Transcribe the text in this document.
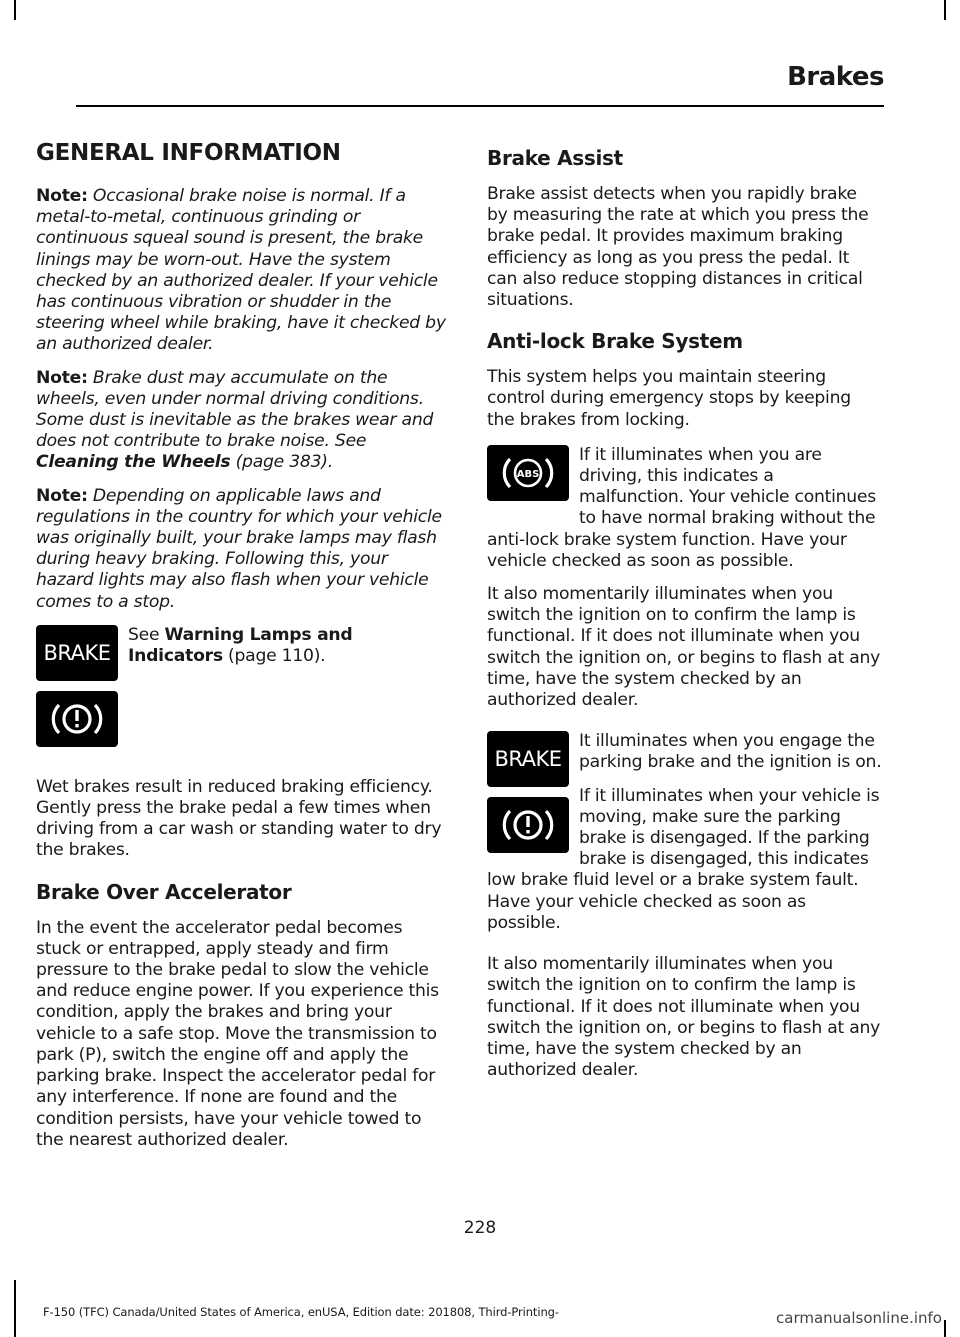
Brakes
GENERAL INFORMATION

Note: Occasional brake noise is normal. If a metal-to-metal, continuous grinding or continuous squeal sound is present, the brake linings may be worn-out. Have the system checked by an authorized dealer. If your vehicle has continuous vibration or shudder in the steering wheel while braking, have it checked by an authorized dealer.

Note: Brake dust may accumulate on the wheels, even under normal driving conditions. Some dust is inevitable as the brakes wear and does not contribute to brake noise. See Cleaning the Wheels (page 383).

Note: Depending on applicable laws and regulations in the country for which your vehicle was originally built, your brake lamps may flash during heavy braking. Following this, your hazard lights may also flash when your vehicle comes to a stop.

BRAKE

See Warning Lamps and Indicators (page 110).

Wet brakes result in reduced braking efficiency. Gently press the brake pedal a few times when driving from a car wash or standing water to dry the brakes.

Brake Over Accelerator

In the event the accelerator pedal becomes stuck or entrapped, apply steady and firm pressure to the brake pedal to slow the vehicle and reduce engine power. If you experience this condition, apply the brakes and bring your vehicle to a safe stop. Move the transmission to park (P), switch the engine off and apply the parking brake. Inspect the accelerator pedal for any interference. If none are found and the condition persists, have your vehicle towed to the nearest authorized dealer.

Brake Assist

Brake assist detects when you rapidly brake by measuring the rate at which you press the brake pedal. It provides maximum braking efficiency as long as you press the pedal. It can also reduce stopping distances in critical situations.

Anti-lock Brake System

This system helps you maintain steering control during emergency stops by keeping the brakes from locking.

ABS

If it illuminates when you are driving, this indicates a malfunction. Your vehicle continues to have normal braking without the anti-lock brake system function. Have your vehicle checked as soon as possible.

It also momentarily illuminates when you switch the ignition on to confirm the lamp is functional. If it does not illuminate when you switch the ignition on, or begins to flash at any time, have the system checked by an authorized dealer.

BRAKE

It illuminates when you engage the parking brake and the ignition is on.

If it illuminates when your vehicle is moving, make sure the parking brake is disengaged. If the parking brake is disengaged, this indicates low brake fluid level or a brake system fault. Have your vehicle checked as soon as possible.

It also momentarily illuminates when you switch the ignition on to confirm the lamp is functional. If it does not illuminate when you switch the ignition on, or begins to flash at any time, have the system checked by an authorized dealer.

228
F-150 (TFC) Canada/United States of America, enUSA, Edition date: 201808, Third-Printing-	carmanualsonline.info
